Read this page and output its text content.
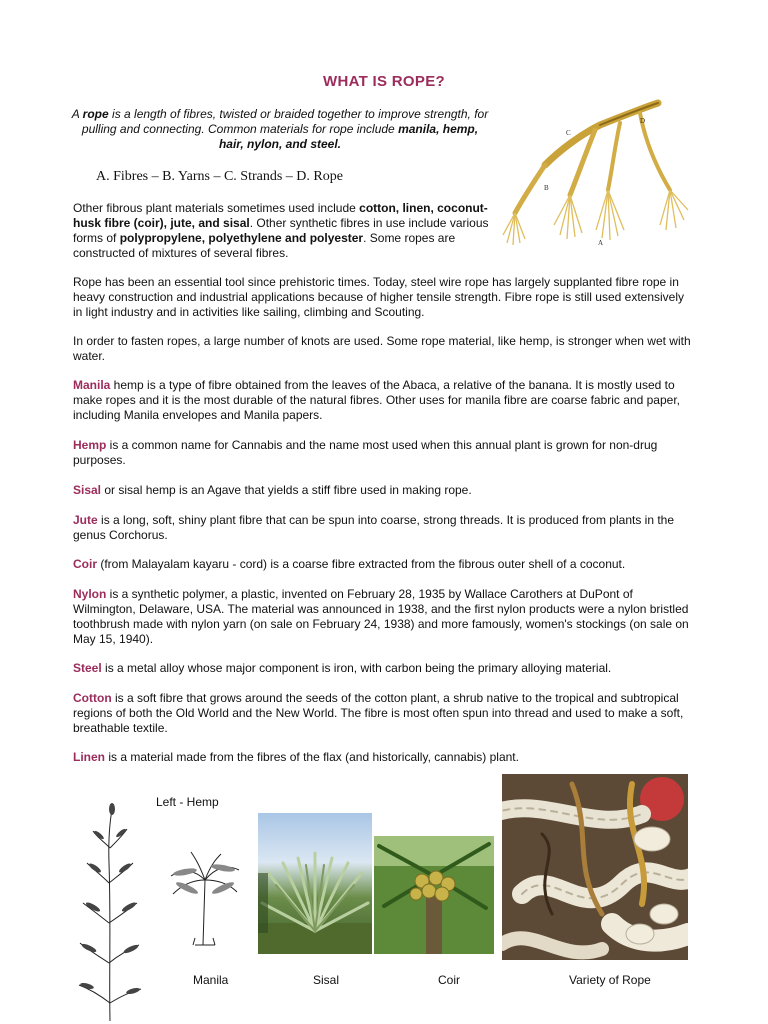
WHAT IS ROPE?
A rope is a length of fibres, twisted or braided together to improve strength, for pulling and connecting. Common materials for rope include manila, hemp, hair, nylon, and steel.
A. Fibres – B. Yarns – C. Strands – D. Rope
A
B
C
D

Other fibrous plant materials sometimes used include cotton, linen, coconut-husk fibre (coir), jute, and sisal. Other synthetic fibres in use include various forms of polypropylene, polyethylene and polyester. Some ropes are constructed of mixtures of several fibres.

Rope has been an essential tool since prehistoric times. Today, steel wire rope has largely supplanted fibre rope in heavy construction and industrial applications because of higher tensile strength. Fibre rope is still used extensively in light industry and in activities like sailing, climbing and Scouting.

In order to fasten ropes, a large number of knots are used. Some rope material, like hemp, is stronger when wet with water.

Manila hemp is a type of fibre obtained from the leaves of the Abaca, a relative of the banana. It is mostly used to make ropes and it is the most durable of the natural fibres. Other uses for manila fibre are coarse fabric and paper, including Manila envelopes and Manila papers.

Hemp is a common name for Cannabis and the name most used when this annual plant is grown for non-drug purposes.

Sisal or sisal hemp is an Agave that yields a stiff fibre used in making rope.

Jute is a long, soft, shiny plant fibre that can be spun into coarse, strong threads. It is produced from plants in the genus Corchorus.

Coir (from Malayalam kayaru - cord) is a coarse fibre extracted from the fibrous outer shell of a coconut.

Nylon is a synthetic polymer, a plastic, invented on February 28, 1935 by Wallace Carothers at DuPont of Wilmington, Delaware, USA. The material was announced in 1938, and the first nylon products were a nylon bristled toothbrush made with nylon yarn (on sale on February 24, 1938) and more famously, women's stockings (on sale on May 15, 1940).

Steel is a metal alloy whose major component is iron, with carbon being the primary alloying material.

Cotton is a soft fibre that grows around the seeds of the cotton plant, a shrub native to the tropical and subtropical regions of both the Old World and the New World. The fibre is most often spun into thread and used to make a soft, breathable textile.

Linen is a material made from the fibres of the flax (and historically, cannabis) plant.

Left - Hemp
Manila	Sisal	Coir	Variety of Rope
